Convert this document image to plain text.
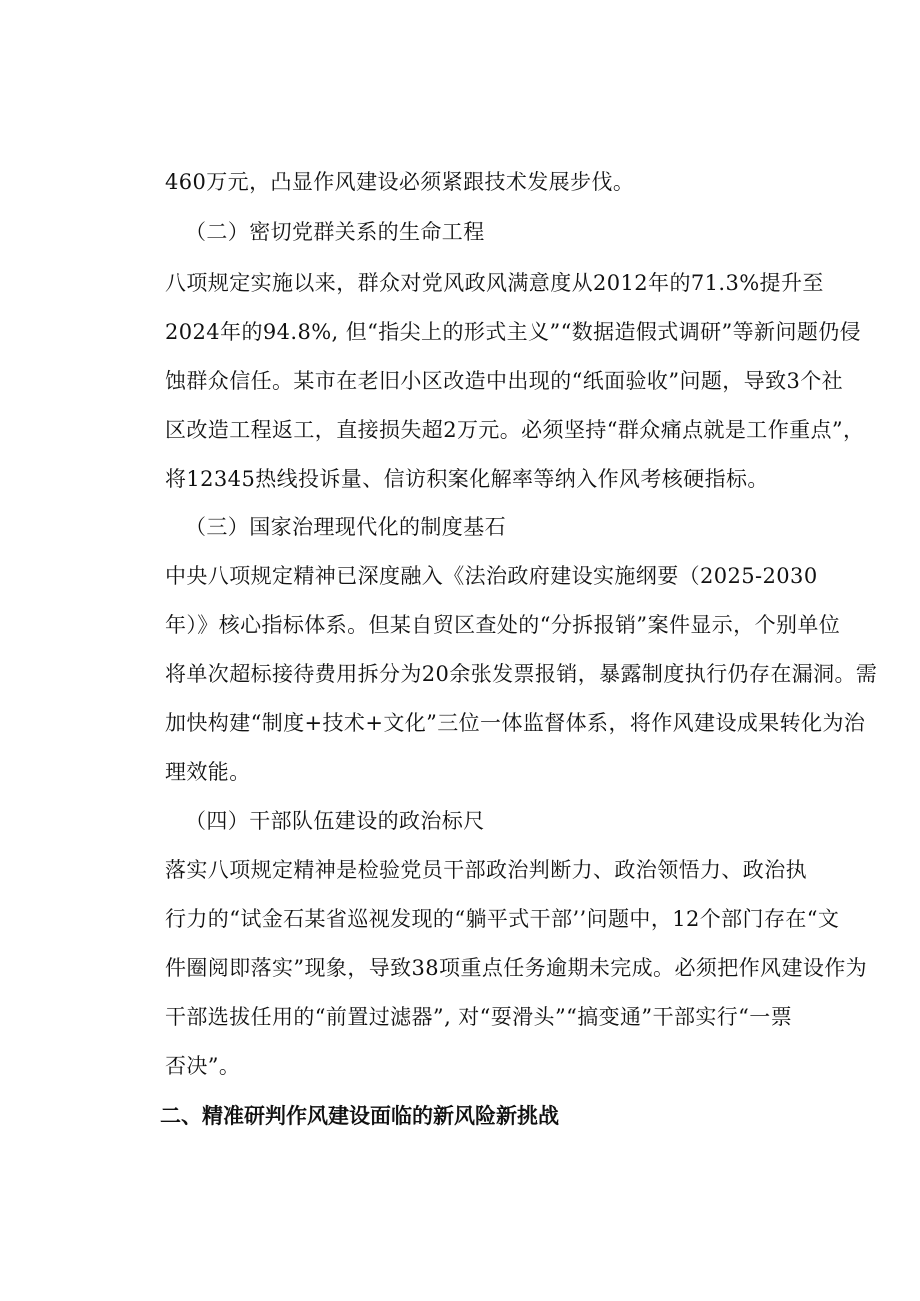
460万元，凸显作风建设必须紧跟技术发展步伐。
（二）密切党群关系的生命工程
八项规定实施以来，群众对党风政风满意度从2012年的71.3%提升至
2024年的94.8%, 但“指尖上的形式主义”“数据造假式调研”等新问题仍侵
蚀群众信任。某市在老旧小区改造中出现的“纸面验收”问题，导致3个社
区改造工程返工，直接损失超2万元。必须坚持“群众痛点就是工作重点”，
将12345热线投诉量、信访积案化解率等纳入作风考核硬指标。
（三）国家治理现代化的制度基石
中央八项规定精神已深度融入《法治政府建设实施纲要（2025-2030
年）》核心指标体系。但某自贸区查处的“分拆报销”案件显示，个别单位
将单次超标接待费用拆分为20余张发票报销，暴露制度执行仍存在漏洞。需
加快构建“制度+技术+文化”三位一体监督体系，将作风建设成果转化为治
理效能。
（四）干部队伍建设的政治标尺
落实八项规定精神是检验党员干部政治判断力、政治领悟力、政治执
行力的“试金石某省巡视发现的“躺平式干部’’问题中，12个部门存在“文
件圈阅即落实”现象，导致38项重点任务逾期未完成。必须把作风建设作为
干部选拔任用的“前置过滤器”, 对“耍滑头”“搞变通”干部实行“一票
否决”。
二、精准研判作风建设面临的新风险新挑战
